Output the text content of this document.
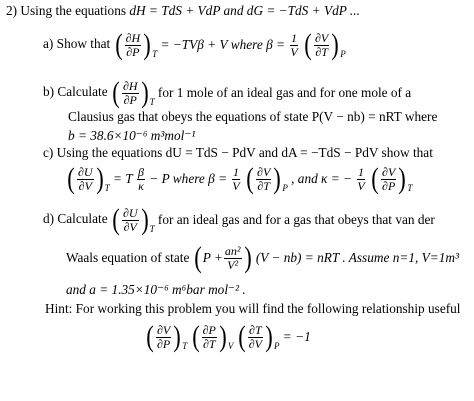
2) Using the equations dH = TdS + VdP and dG = −TdS + VdP ...
a) Show that ( $\frac{\partial H}{\partial P} )_T$
= −TVβ + V where $\beta = \frac{1}{V}$
( $\frac{\partial V}{\partial T} )_P$
b) Calculate ( $\frac{\partial H}{\partial P} )_T$
for 1 mole of an ideal gas and for one mole of a
Clausius gas that obeys the equations of state P(V − nb) = nRT where
b = 38.6×10⁻⁶ m³mol⁻¹
c) Using the equations dU = TdS − PdV and dA = −TdS − PdV show that
( $\frac{\partial U}{\partial V} )_T$
= T $\frac{\beta}{\kappa} - P$ where $\beta = \frac{1}{V}$
( $\frac{\partial V}{\partial T} )_P$
, and κ = − $\frac{1}{V}$
( $\frac{\partial V}{\partial P} )_T$
d) Calculate ( $\frac{\partial U}{\partial V} )_T$
for an ideal gas and for a gas that obeys that van der
Waals equation of state ( $P + \frac{\text{an²}}{\text{V²}}$ ) (V − nb) = nRT . Assume n=1, V=1m³
and a = 1.35×10⁻⁶ m⁶bar mol⁻² .
Hint: For working this problem you will find the following relationship useful
( $\frac{\partial V}{\partial P} )_T$
( $\frac{\partial P}{\partial T} )_V$
( $\frac{\partial T}{\partial V} )_P$
= −1
